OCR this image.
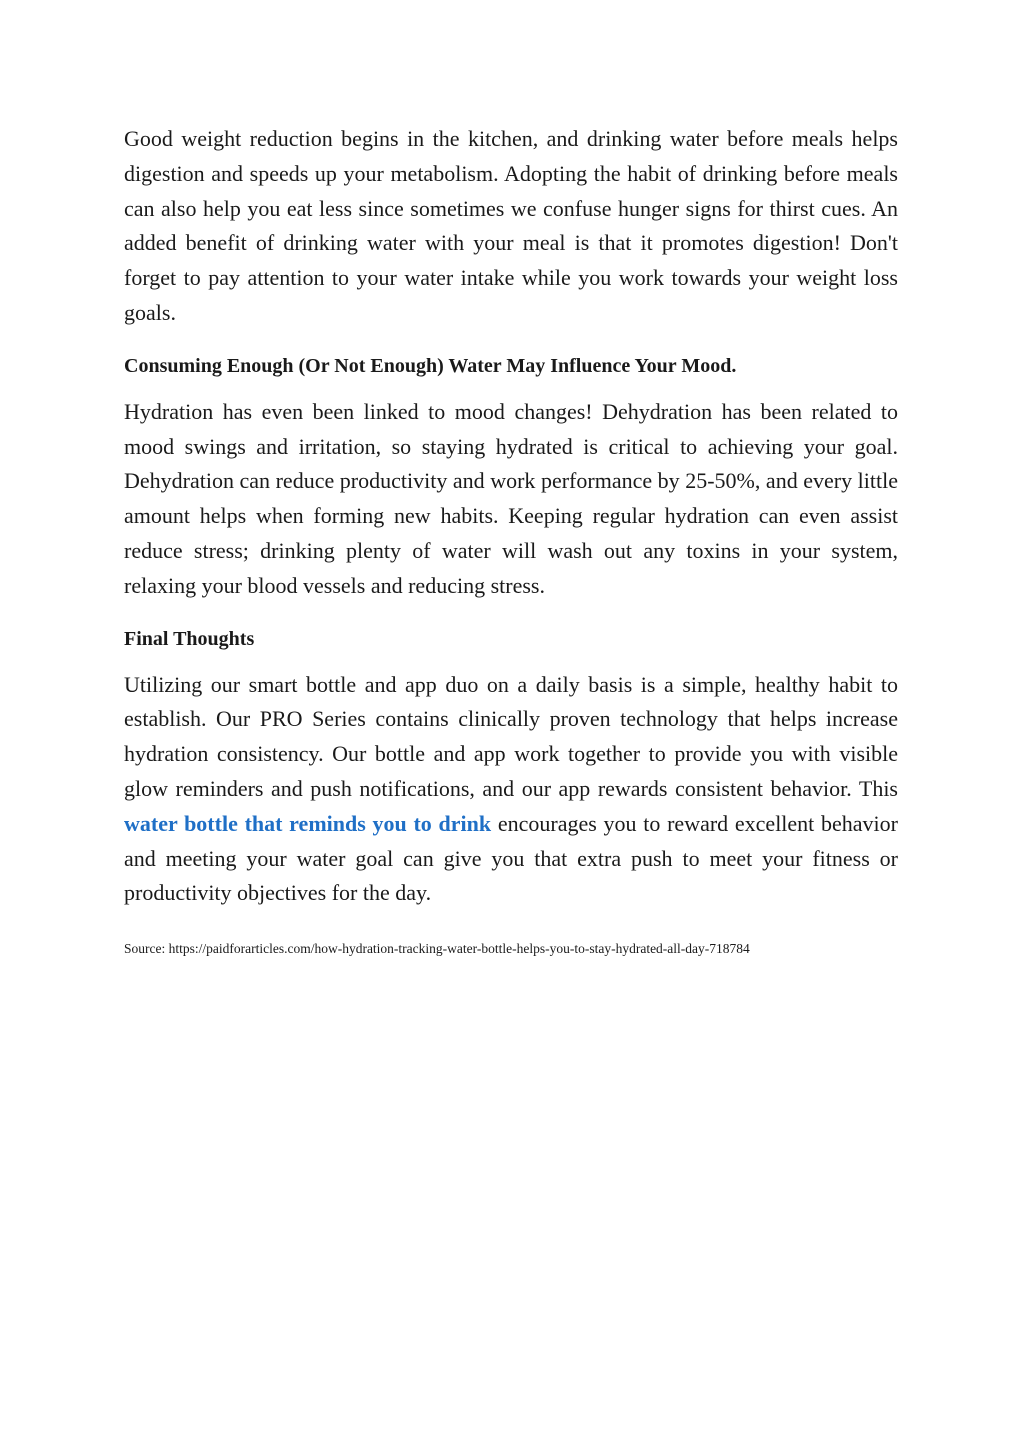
Good weight reduction begins in the kitchen, and drinking water before meals helps digestion and speeds up your metabolism. Adopting the habit of drinking before meals can also help you eat less since sometimes we confuse hunger signs for thirst cues. An added benefit of drinking water with your meal is that it promotes digestion! Don't forget to pay attention to your water intake while you work towards your weight loss goals.

Consuming Enough (Or Not Enough) Water May Influence Your Mood.

Hydration has even been linked to mood changes! Dehydration has been related to mood swings and irritation, so staying hydrated is critical to achieving your goal. Dehydration can reduce productivity and work performance by 25-50%, and every little amount helps when forming new habits. Keeping regular hydration can even assist reduce stress; drinking plenty of water will wash out any toxins in your system, relaxing your blood vessels and reducing stress.

Final Thoughts

Utilizing our smart bottle and app duo on a daily basis is a simple, healthy habit to establish. Our PRO Series contains clinically proven technology that helps increase hydration consistency. Our bottle and app work together to provide you with visible glow reminders and push notifications, and our app rewards consistent behavior. This water bottle that reminds you to drink encourages you to reward excellent behavior and meeting your water goal can give you that extra push to meet your fitness or productivity objectives for the day.

Source: https://paidforarticles.com/how-hydration-tracking-water-bottle-helps-you-to-stay-hydrated-all-day-718784
